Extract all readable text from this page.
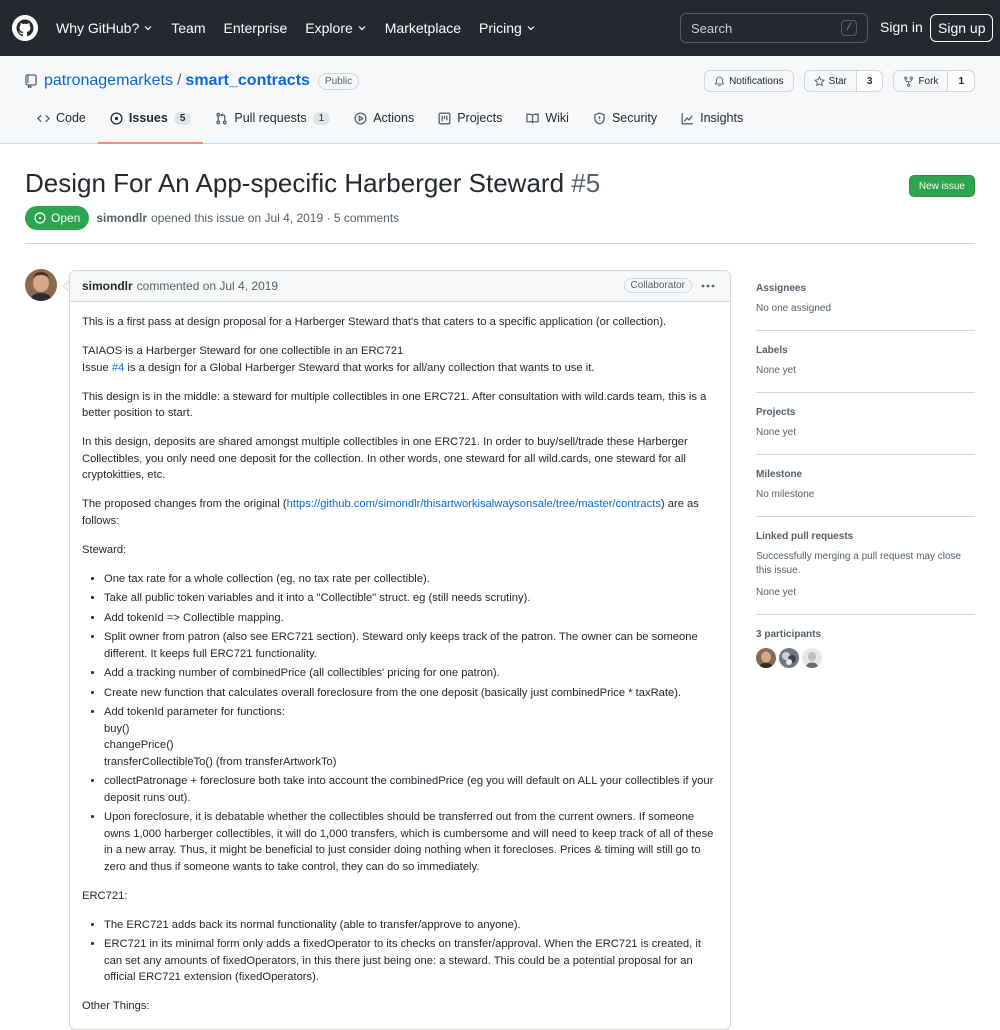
Why GitHub? Team Enterprise Explore Marketplace Pricing
Search	/	Sign in	Sign up
patronagemarkets / smart_contracts	Public	Notifications	Star	3	Fork	1
Code	Issues	5	Pull requests	1	Actions	Projects	Wiki	Security	Insights
Design For An App-specific Harberger Steward #5	New issue
Open simondlr opened this issue on Jul 4, 2019 · 5 comments
simondlr commented on Jul 4, 2019	Collaborator

This is a first pass at design proposal for a Harberger Steward that's that caters to a specific application (or collection).

TAIAOS is a Harberger Steward for one collectible in an ERC721
Issue #4 is a design for a Global Harberger Steward that works for all/any collection that wants to use it.

This design is in the middle: a steward for multiple collectibles in one ERC721. After consultation with wild.cards team, this is a better position to start.

In this design, deposits are shared amongst multiple collectibles in one ERC721. In order to buy/sell/trade these Harberger Collectibles, you only need one deposit for the collection. In other words, one steward for all wild.cards, one steward for all cryptokitties, etc.

The proposed changes from the original (https://github.com/simondlr/thisartworkisalwaysonsale/tree/master/contracts) are as follows:

Steward:

• One tax rate for a whole collection (eg, no tax rate per collectible).
• Take all public token variables and it into a "Collectible" struct. eg (still needs scrutiny).
• Add tokenId => Collectible mapping.
• Split owner from patron (also see ERC721 section). Steward only keeps track of the patron. The owner can be someone different. It keeps full ERC721 functionality.
• Add a tracking number of combinedPrice (all collectibles' pricing for one patron).
• Create new function that calculates overall foreclosure from the one deposit (basically just combinedPrice * taxRate).
• Add tokenId parameter for functions:
buy()
changePrice()
transferCollectibleTo() (from transferArtworkTo)
• collectPatronage + foreclosure both take into account the combinedPrice (eg you will default on ALL your collectibles if your deposit runs out).
• Upon foreclosure, it is debatable whether the collectibles should be transferred out from the current owners. If someone owns 1,000 harberger collectibles, it will do 1,000 transfers, which is cumbersome and will need to keep track of all of these in a new array. Thus, it might be beneficial to just consider doing nothing when it forecloses. Prices & timing will still go to zero and thus if someone wants to take control, they can do so immediately.

ERC721:

• The ERC721 adds back its normal functionality (able to transfer/approve to anyone).
• ERC721 in its minimal form only adds a fixedOperator to its checks on transfer/approval. When the ERC721 is created, it can set any amounts of fixedOperators, in this there just being one: a steward. This could be a potential proposal for an official ERC721 extension (fixedOperators).

Other Things:

Assignees
No one assigned
Labels
None yet
Projects
None yet
Milestone
No milestone
Linked pull requests
Successfully merging a pull request may close this issue.
None yet
3 participants
